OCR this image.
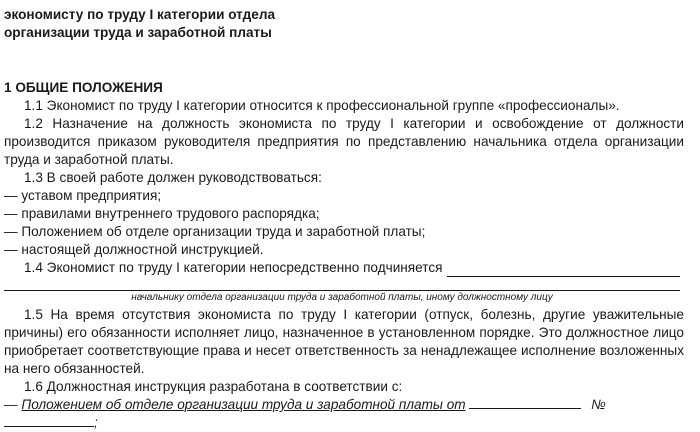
экономисту по труду I категории отдела

организации труда и заработной платы

1 ОБЩИЕ ПОЛОЖЕНИЯ

1.1 Экономист по труду I категории относится к профессиональной группе «профессионалы».

1.2 Назначение на должность экономиста по труду I категории и освобождение от должности производится приказом руководителя предприятия по представлению начальника отдела организации труда и заработной платы.

1.3 В своей работе должен руководствоваться:

— уставом предприятия;

— правилами внутреннего трудового распорядка;

— Положением об отделе организации труда и заработной платы;

— настоящей должностной инструкцией.

1.4 Экономист по труду I категории непосредственно подчиняется
начальнику отдела организации труда и заработной платы, иному должностному лицу

1.5 На время отсутствия экономиста по труду I категории (отпуск, болезнь, другие уважительные причины) его обязанности исполняет лицо, назначенное в установленном порядке. Это должностное лицо приобретает соответствующие права и несет ответственность за ненадлежащее исполнение возложенных на него обязанностей.

1.6 Должностная инструкция разработана в соответствии с:

— Положением об отделе организации труда и заработной платы от	№ ;
